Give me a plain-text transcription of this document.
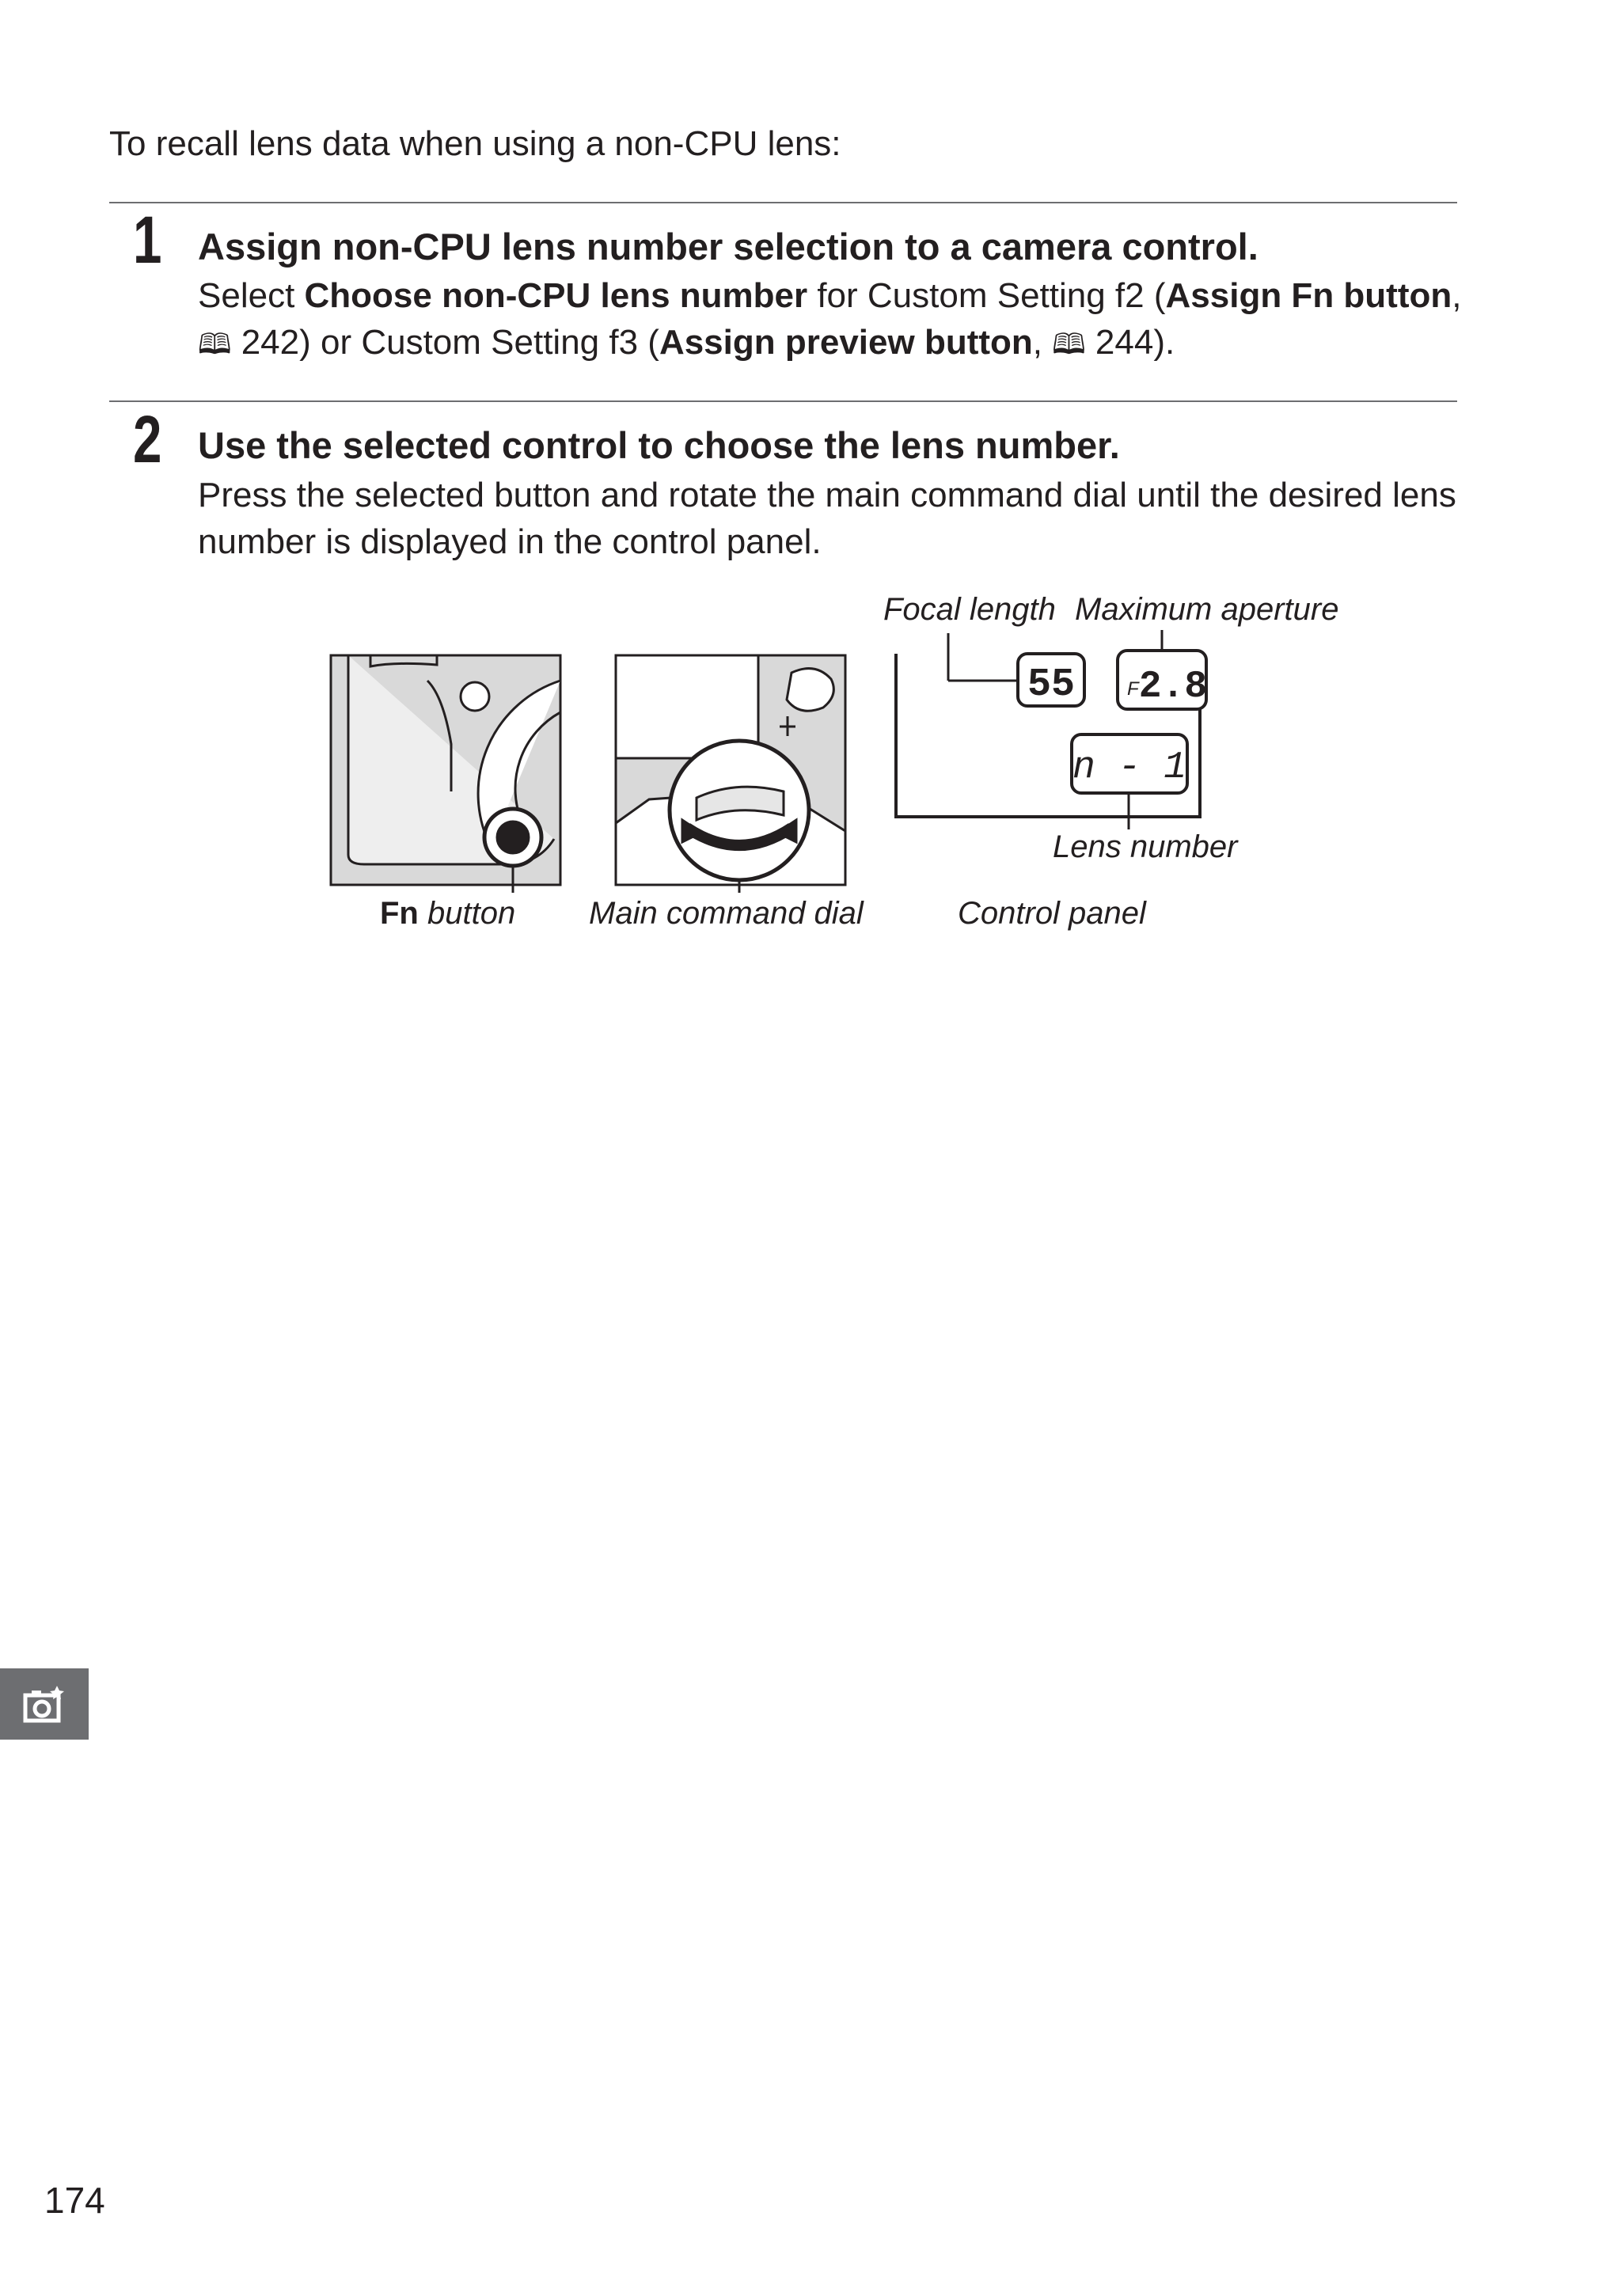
To recall lens data when using a non-CPU lens:

1 Assign non-CPU lens number selection to a camera control.

Select Choose non-CPU lens number for Custom Setting f2 (Assign Fn button, 🕮 242) or Custom Setting f3 (Assign preview button, 🕮 244).

2 Use the selected control to choose the lens number.

Press the selected button and rotate the main command dial until the desired lens number is displayed in the control panel.

55	F 2.8
n - 1
Focal length Maximum aperture
Lens number
Fn button Main command dial	Control panel
174
